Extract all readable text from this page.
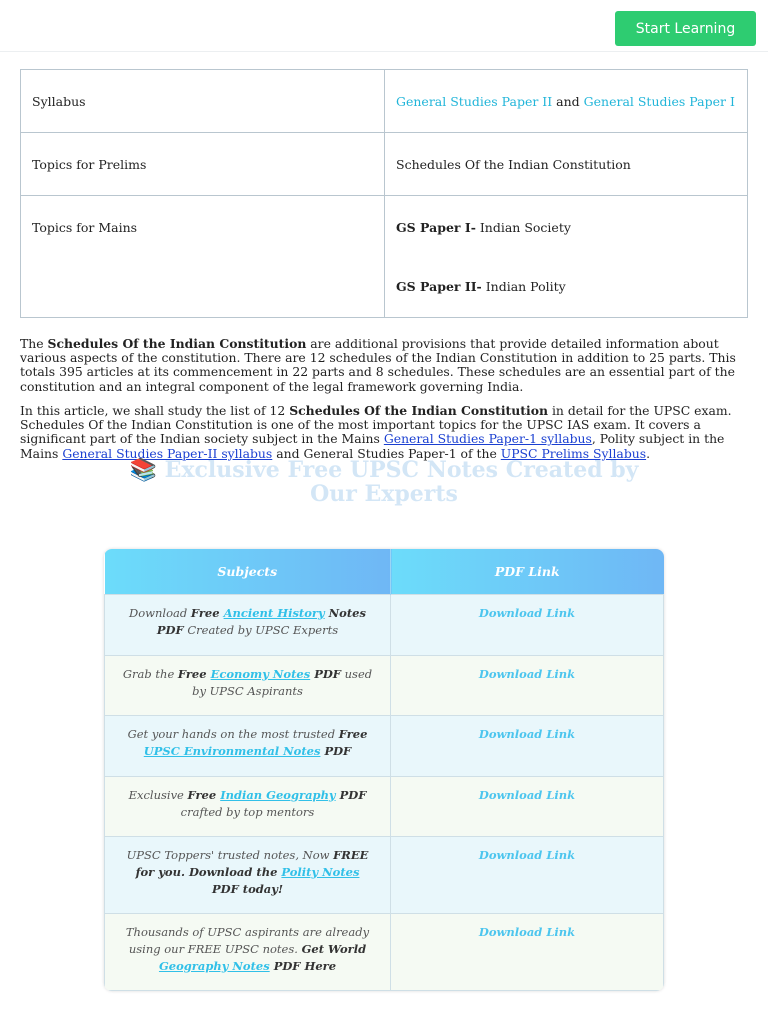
Start Learning
Syllabus	General Studies Paper II and General Studies Paper I
Topics for Prelims	Schedules Of the Indian Constitution
Topics for Mains	GS Paper I- Indian Society
GS Paper II- Indian Polity

The Schedules Of the Indian Constitution are additional provisions that provide detailed information about various aspects of the constitution. There are 12 schedules of the Indian Constitution in addition to 25 parts. This totals 395 articles at its commencement in 22 parts and 8 schedules. These schedules are an essential part of the constitution and an integral component of the legal framework governing India.

In this article, we shall study the list of 12 Schedules Of the Indian Constitution in detail for the UPSC exam. Schedules Of the Indian Constitution is one of the most important topics for the UPSC IAS exam. It covers a significant part of the Indian society subject in the Mains General Studies Paper-1 syllabus, Polity subject in the Mains General Studies Paper-II syllabus and General Studies Paper-1 of the UPSC Prelims Syllabus.

📚 Exclusive Free UPSC Notes Created by Our Experts
Subjects	PDF Link
Download Free Ancient History Notes PDF Created by UPSC Experts	Download Link
Grab the Free Economy Notes PDF used by UPSC Aspirants	Download Link
Get your hands on the most trusted Free UPSC Environmental Notes PDF	Download Link
Exclusive Free Indian Geography PDF crafted by top mentors	Download Link
UPSC Toppers' trusted notes, Now FREE for you. Download the Polity Notes PDF today!	Download Link
Thousands of UPSC aspirants are already using our FREE UPSC notes. Get World Geography Notes PDF Here	Download Link
